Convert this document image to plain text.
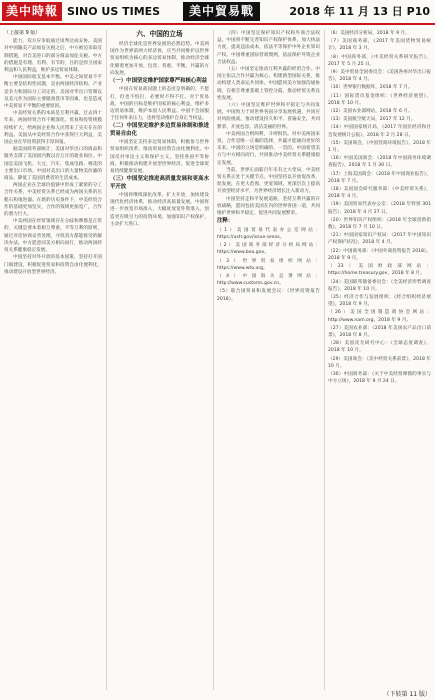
美中時報 SINO US TIMES	美中貿易戰	2018 年 11 月 13 日 P10

（上接第 9 版）

能力，双方应争取通过谈判达成妥协。美国对中国输美产品加征关税之后，中方被迫采取反制措施，对自美进口的部分商品加征关税。中方的措施是有理、有利、有节的，目的是捍卫国家利益和人民利益，维护多边贸易体制。

中国国际收支基本平衡。中美之间贸易不平衡主要是结构性问题，是由两国经济结构、产业竞争力和国际分工决定的。美国对华出口管制以及美元作为国际主要储备货币等因素，也是造成中美贸易不平衡的重要原因。

中美经贸关系的本质是互利共赢。过去四十年来，两国经贸合作不断深化，贸易和投资规模持续扩大，给两国企业和人民带来了实实在在的利益。美国从中美经贸合作中获得巨大利益，美国企业在华投资获得丰厚回报。

据美国商务部统计，美国对华出口的商品和服务支撑了美国国内数以百万计的就业岗位。中国是美国飞机、大豆、汽车、集成电路、棉花的主要出口市场。中国对美出口的大量物美价廉的商品，降低了美国消费者的生活成本。

两国企业在全球价值链中形成了紧密的分工合作关系，中美经贸关系已经成为两国关系的压舱石和推进器。在新的历史条件下，中美经贸合作的基础更加坚实，合作的领域更加宽广，合作的潜力巨大。

中美两国在经贸领域存在分歧和摩擦是正常的，关键是要本着相互尊重、平等互利的原则，通过对话协商妥善处理，寻找双方都能接受的解决办法。中方愿意同美方相向而行，推动两国经贸关系健康稳定发展。

中国坚持对外开放的基本国策，坚持打开国门搞建设，积极促进贸易和投资自由化便利化，推动建设开放型世界经济。

六、中国的立场

经济全球化是世界发展的必然趋势。中美两国作为世界前两大经济体，应当共同维护以世界贸易组织为核心的多边贸易体制，推动经济全球化朝着更加开放、包容、普惠、平衡、共赢的方向发展。

（一）中国坚定维护国家尊严和核心利益

中国在贸易战问题上的态度是明确的，不愿打，但也不怕打，必要时不得不打。对于贸易战，中国的目标是维护国家的核心利益，维护多边贸易体制，维护本国人民利益。中国不会屈服于任何外来压力，也将坚决维护自身正当权益。

（二）中国坚定维护多边贸易体制和推进贸易自由化

中国坚定支持多边贸易体制，积极参与世界贸易组织改革，推动贸易投资自由化便利化。中国反对单边主义和保护主义，坚持各国平等协商，积极推动构建开放型世界经济，促进全球贸易持续健康发展。

（三）中国坚定推进高质量发展和更高水平开放

中国将继续深化改革，扩大开放，加快建设现代化经济体系，推动经济高质量发展。中国将进一步放宽市场准入，大幅度放宽外资准入，创造更有吸引力的投资环境，加强知识产权保护，主动扩大进口。

（四）中国坚定保护知识产权和外商合法权益。中国将不断完善知识产权保护体系，加大执法力度，提高违法成本，依法平等保护中外企业知识产权。中国尊重国际营商惯例，依法保护外资企业合法权益。

（五）中国坚定推动互利共赢的经贸合作。中国主张以合作共赢为核心，构建新型国际关系，推动构建人类命运共同体。中国愿同美方加强沟通协调，在相互尊重基础上管控分歧，推动经贸关系良性发展。

（六）中国坚定维护世界和平稳定与共同发展。中国致力于同世界各国分享发展机遇，共同应对风险挑战，推动建设持久和平、普遍安全、共同繁荣、开放包容、清洁美丽的世界。

中美两国合则两利，斗则俱伤。对中美两国来说，合作是唯一正确的选择，共赢才能通向更好的未来。中国的立场是明确的、一贯的。中国希望美方与中方相向而行，共同推动中美经贸关系健康稳定发展。

当前，世界正面临百年未有之大变局，中美经贸关系正处于关键节点。中国坚持以开放促改革、促发展，在更大范围、更宽领域、更深层次上提高开放型经济水平，为世界经济增长注入新动力。

中国坚持走和平发展道路，坚持互利共赢的开放战略，愿同包括美国在内的世界各国一道，共同维护世界和平稳定，促进共同发展繁荣。

注释：

（1）美国贸易代表办公室网站：https://ustr.gov/issue-areas。

（2）美国商务部经济分析局网站：https://www.bea.gov。

（3）世界贸易组织网站：https://www.wto.org。

（4）中国海关总署网站：http://www.customs.gov.cn。

（5）联合国贸易和发展会议：《世界投资报告 2018》。

（6）美国经济分析局，2018 年 9 月。

（7）美国商务部，《2017 年美国货物贸易统计》，2018 年 3 月。

（8）中国商务部，《中美经贸关系研究报告》，2017 年 5 月 25 日。

（9）美中贸易全国委员会：《美国各州对华出口报告》，2018 年 4 月。

（10）世界银行数据库，2018 年 7 月。

（11）国际货币基金组织：《世界经济展望》，2018 年 10 月。

（12）美国农业部网站，2018 年 6 月。

（13）美国航空航天局，2017 年 12 月。

（14）中国国家统计局，《2017 年国民经济和社会发展统计公报》，2018 年 2 月 28 日。

（15）美国商会，《中国营商环境报告》，2018 年 1 月。

（16）中国美国商会：《2018 年中国商务环境调查报告》，2018 年 1 月 30 日。

（17）上海美国商会：《2018 年中国商业报告》，2018 年 7 月。

（18）美国国会研究服务部：《中美经贸关系》，2018 年 4 月。

（19）美国贸易代表办公室：《2018 年特别 301 报告》，2018 年 4 月 27 日。

（20）世界知识产权组织：《2018 年全球创新指数》，2018 年 7 月 10 日。

（21）中国国家知识产权局：《2017 年中国知识产权保护状况》，2018 年 4 月。

（22）中国商务部：《中国外商投资报告 2018》，2018 年 9 月。

（23）美国财政部网站：https://home.treasury.gov，2018 年 8 月。

（24）美国联邦储备委员会：《全美经济形势调查报告》，2018 年 10 月。

（25）经济合作与发展组织：《经合组织经济展望》，2018 年 9 月。

（26）美国全国制造商协会网站：http://www.nam.org，2018 年 9 月。

（27）美国农业部：《2018 年美国农产品出口前景》，2018 年 8 月。

（28）美国皮尤研究中心：《全球态度调查》，2018 年 10 月。

（29）美国商会：《美中经贸关系前景》，2018 年 10 月。

（30）中国商务部：《关于中美经贸摩擦的事实与中方立场》，2018 年 9 月 24 日。

（下转第 11 版）
